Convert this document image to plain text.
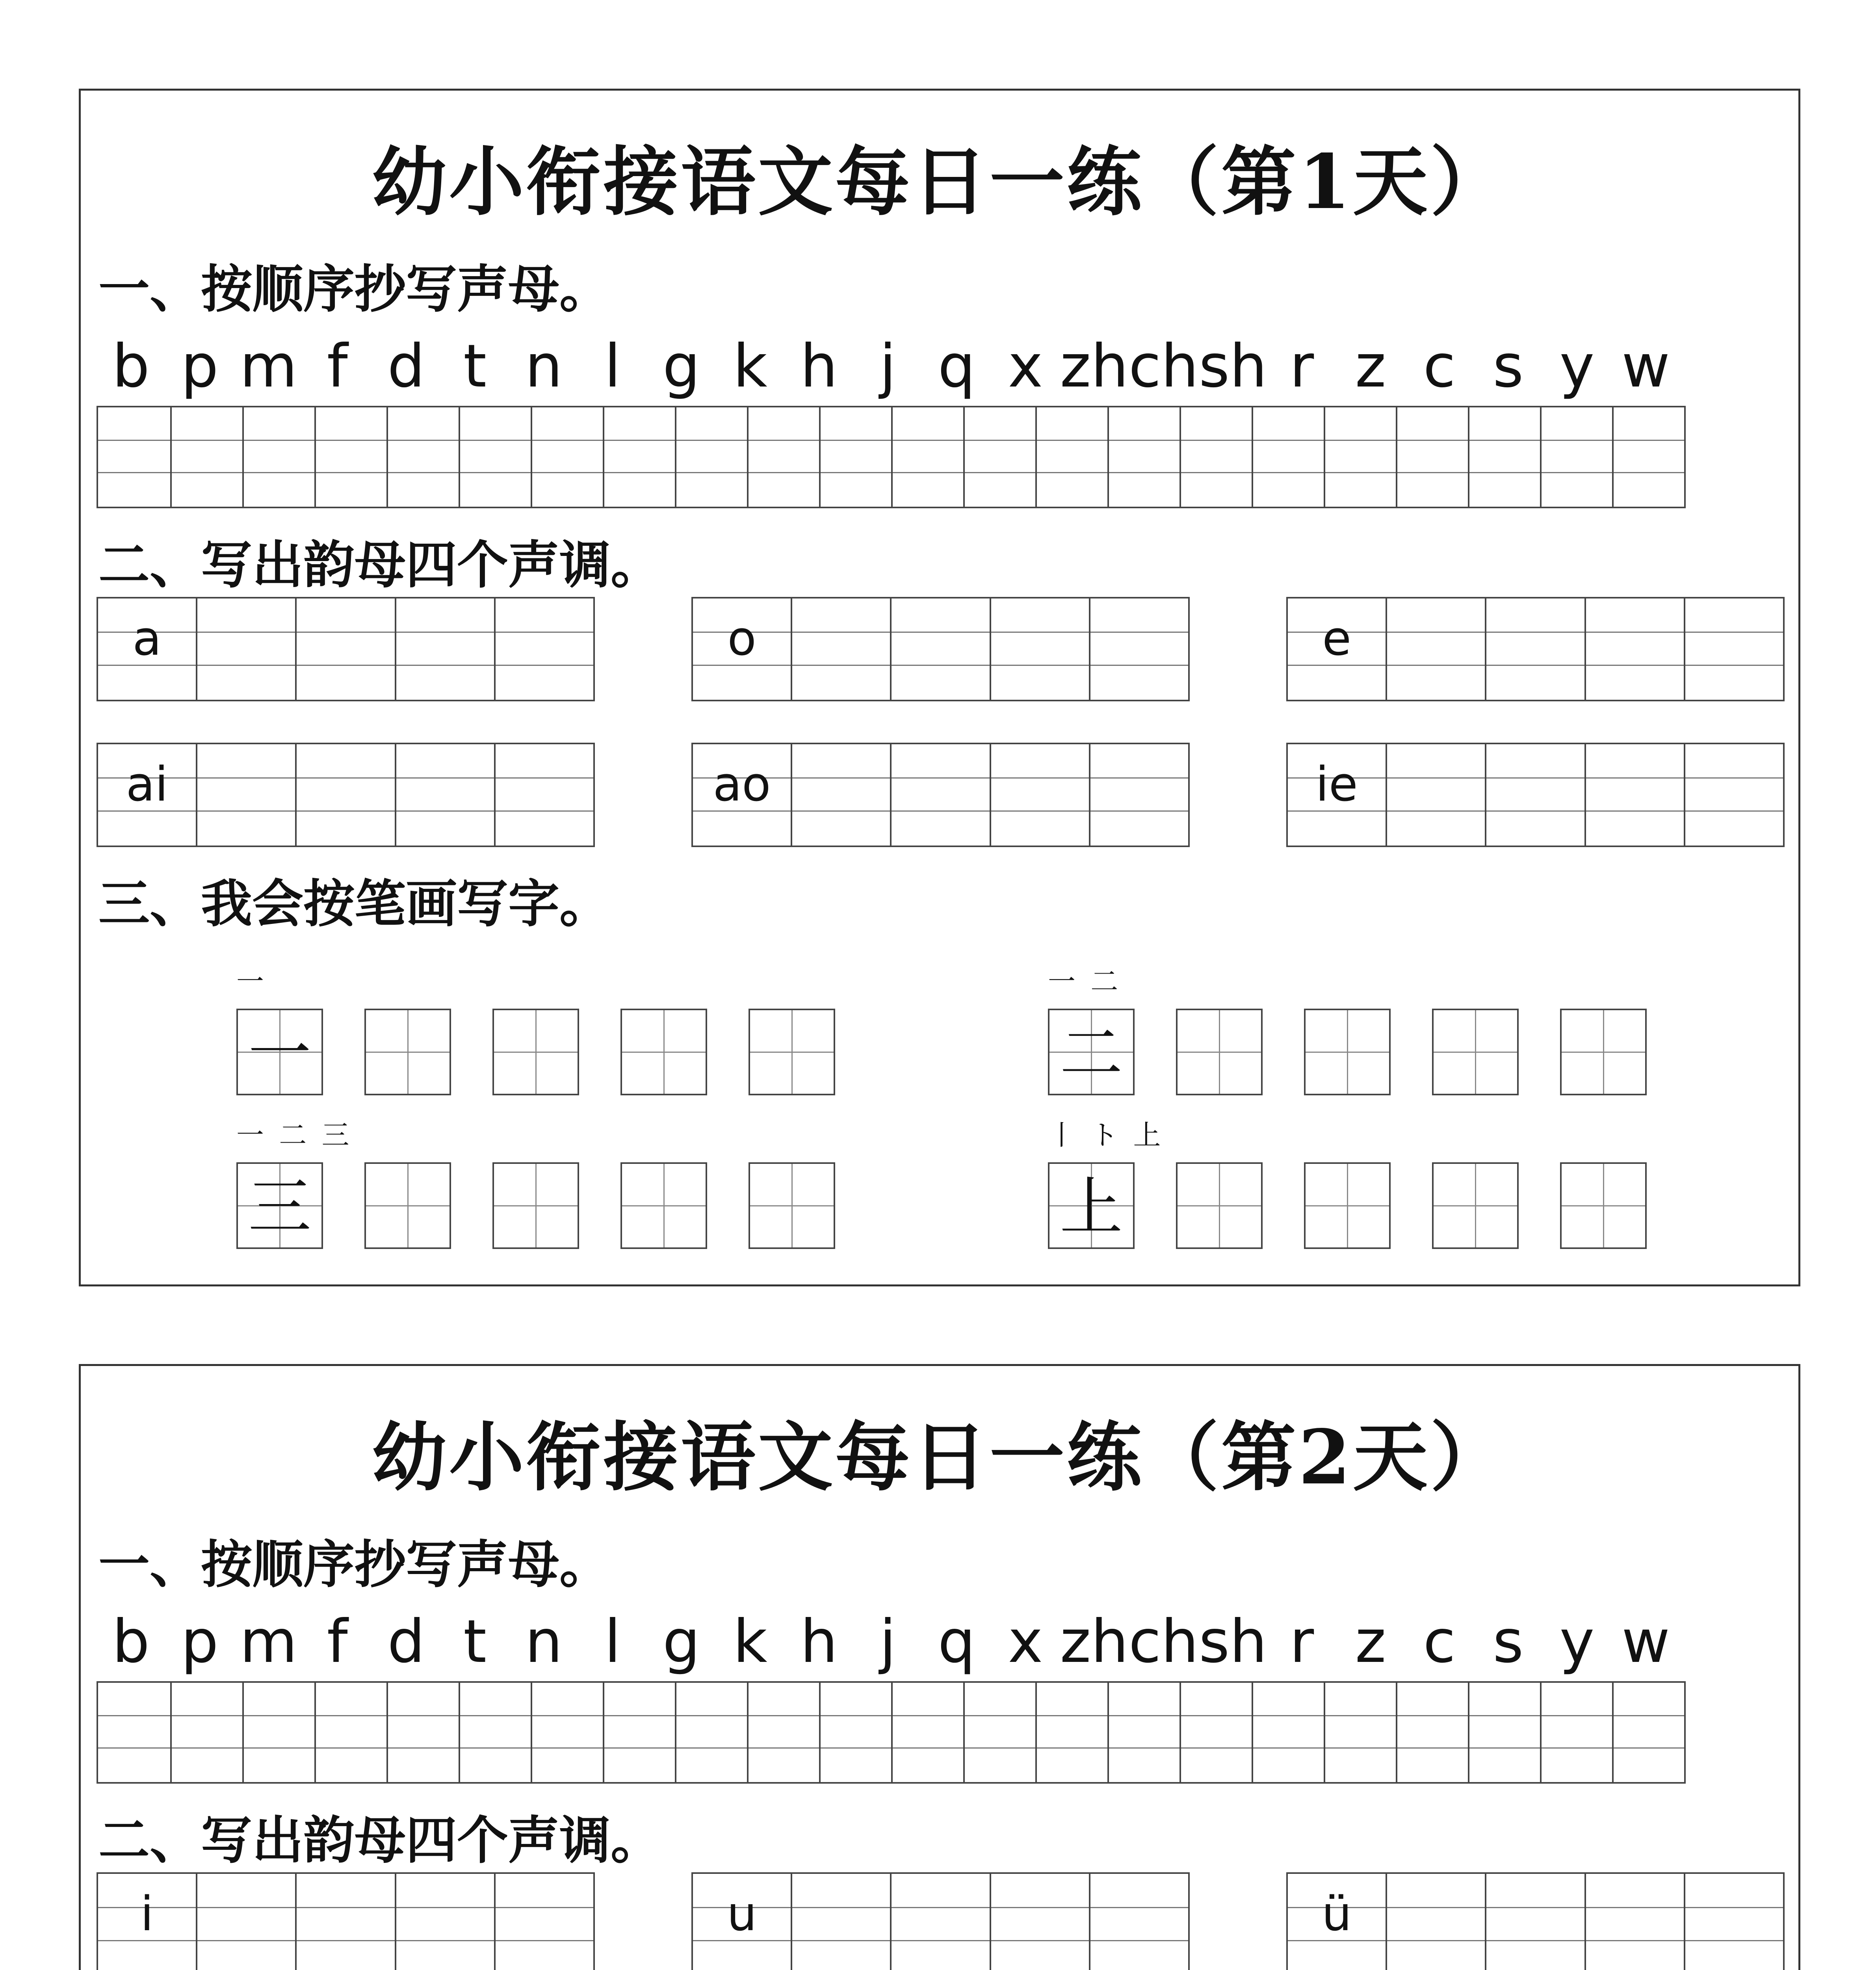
幼小衔接语文每日一练（第1天）
一、按顺序抄写声母。
b p m f d t n l g k h j q x zh ch sh r z c s y w
二、写出韵母四个声调。
a	o	e
ai	ao	ie
三、我会按笔画写字。
一
一
一 二
二
一 二 三
三
丨 ト 上
上
幼小衔接语文每日一练（第2天）
一、按顺序抄写声母。
b p m f d t n l g k h j q x zh ch sh r z c s y w
二、写出韵母四个声调。
i	u	ü
